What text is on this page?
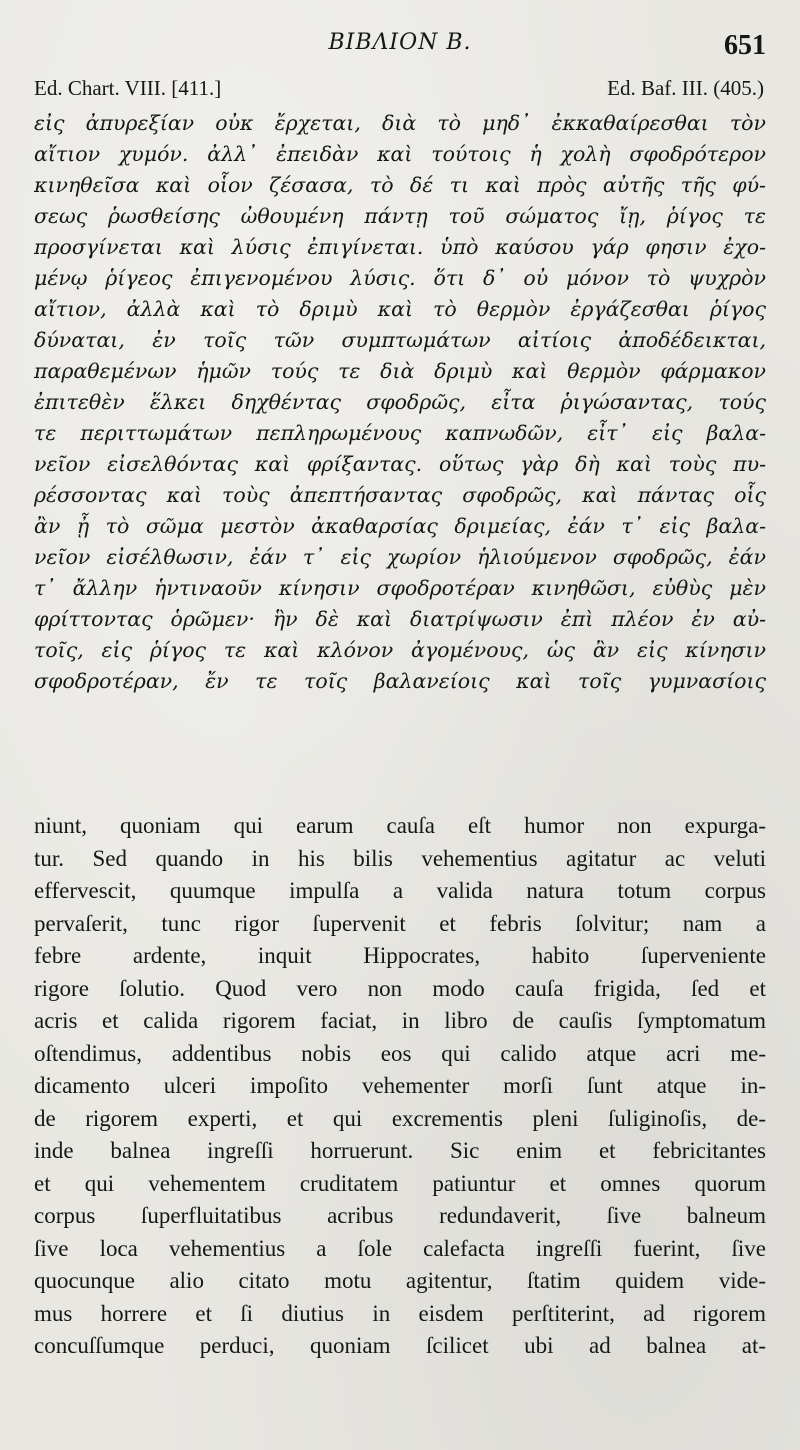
ΒΙΒΛΙΟΝ Β.	651
Ed. Chart. VIII. [411.]	Ed. Baf. III. (405.)
εἰς ἀπυρεξίαν οὐκ ἔρχεται, διὰ τὸ μηδ᾽ ἐκκαθαίρεσθαι τὸν
αἴτιον χυμόν. ἀλλ᾽ ἐπειδὰν καὶ τούτοις ἡ χολὴ σφοδρότερον
κινηθεῖσα καὶ οἷον ζέσασα, τὸ δέ τι καὶ πρὸς αὐτῆς τῆς φύ-
σεως ῥωσθείσης ὠθουμένη πάντῃ τοῦ σώματος ἴῃ, ῥίγος τε
προσγίνεται καὶ λύσις ἐπιγίνεται. ὑπὸ καύσου γάρ φησιν ἐχο-
μένῳ ῥίγεος ἐπιγενομένου λύσις. ὅτι δ᾽ οὐ μόνον τὸ ψυχρὸν
αἴτιον, ἀλλὰ καὶ τὸ δριμὺ καὶ τὸ θερμὸν ἐργάζεσθαι ῥίγος
δύναται, ἐν τοῖς τῶν συμπτωμάτων αἰτίοις ἀποδέδεικται,
παραθεμένων ἡμῶν τούς τε διὰ δριμὺ καὶ θερμὸν φάρμακον
ἐπιτεθὲν ἕλκει δηχθέντας σφοδρῶς, εἶτα ῥιγώσαντας, τούς
τε περιττωμάτων πεπληρωμένους καπνωδῶν, εἶτ᾽ εἰς βαλα-
νεῖον εἰσελθόντας καὶ φρίξαντας. οὕτως γὰρ δὴ καὶ τοὺς πυ-
ρέσσοντας καὶ τοὺς ἀπεπτήσαντας σφοδρῶς, καὶ πάντας οἷς
ἂν ᾖ τὸ σῶμα μεστὸν ἀκαθαρσίας δριμείας, ἐάν τ᾽ εἰς βαλα-
νεῖον εἰσέλθωσιν, ἐάν τ᾽ εἰς χωρίον ἡλιούμενον σφοδρῶς, ἐάν
τ᾽ ἄλλην ἡντιναοῦν κίνησιν σφοδροτέραν κινηθῶσι, εὐθὺς μὲν
φρίττοντας ὁρῶμεν· ἣν δὲ καὶ διατρίψωσιν ἐπὶ πλέον ἐν αὐ-
τοῖς, εἰς ῥίγος τε καὶ κλόνον ἀγομένους, ὡς ἂν εἰς κίνησιν
σφοδροτέραν, ἔν τε τοῖς βαλανείοις καὶ τοῖς γυμνασίοις
niunt, quoniam qui earum cauſa eſt humor non expurga-
tur. Sed quando in his bilis vehementius agitatur ac veluti
effervescit, quumque impulſa a valida natura totum corpus
pervaſerit, tunc rigor ſupervenit et febris ſolvitur; nam a
febre ardente, inquit Hippocrates, habito ſuperveniente
rigore ſolutio. Quod vero non modo cauſa frigida, ſed et
acris et calida rigorem faciat, in libro de cauſis ſymptomatum
oſtendimus, addentibus nobis eos qui calido atque acri me-
dicamento ulceri impoſito vehementer morſi ſunt atque in-
de rigorem experti, et qui excrementis pleni ſuliginoſis, de-
inde balnea ingreſſi horruerunt. Sic enim et febricitantes
et qui vehementem cruditatem patiuntur et omnes quorum
corpus ſuperfluitatibus acribus redundaverit, ſive balneum
ſive loca vehementius a ſole calefacta ingreſſi fuerint, ſive
quocunque alio citato motu agitentur, ſtatim quidem vide-
mus horrere et ſi diutius in eisdem perſtiterint, ad rigorem
concuſſumque perduci, quoniam ſcilicet ubi ad balnea at-
